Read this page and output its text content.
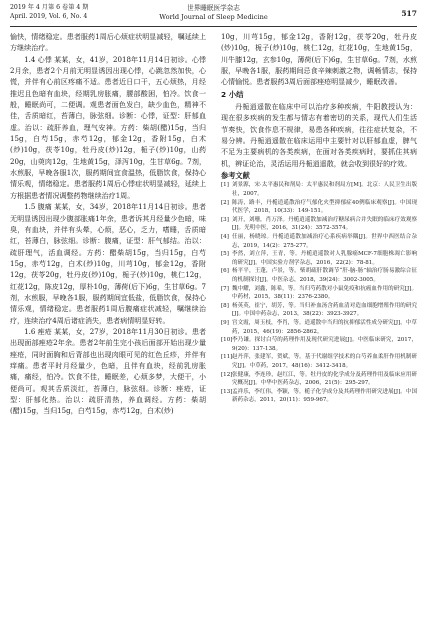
2019 年 4 月第 6 卷第 4 期
April. 2019, Vol. 6, No. 4
世界睡眠医学杂志
World Journal of Sleep Medicine	517

愉快，情绪稳定。患者服药1周后心烦症状明显减轻，嘱延续上方继续治疗。

1.4 心悸 某某，女，41岁，2018年11月14日初诊。心悸2月余，患者2个月前无明显诱因出现心悸，心跳忽然加快，心慌，并伴有心前区疼痛不适。患者近日口干，五心烦热，月经推迟且色暗有血块，经期乳房胀痛，腰部酸困，怕冷。饮食一般，睡眠尚可，二便调。观患者面色发白，缺少血色，精神不佳，舌质暗红，苔薄白，脉弦细。诊断：心悸，证型：肝郁血虚。治以：疏肝养血，理气安神。方药：柴胡(醋)15g，当归15g，白芍15g，赤芍12g，郁金12g，香附15g，白术(炒)10g，茯苓10g，牡丹皮(炒)12g，栀子(炒)10g，山药20g，山萸肉12g，生地黄15g，泽泻10g，生甘草6g。7剂，水煎服，早晚各服1次，服药期间宜食温热，低脂饮食，保持心情乐观，情绪稳定。患者服药1周后心悸症状明显减轻，延续上方根据患者情况调整药物继续治疗1周。

1.5 腹痛 某某，女，34岁，2018年11月14日初诊。患者无明显诱因出现少腹部胀痛1年余，患者诉其月经量少色暗，味臭，有血块，并伴有头晕，心烦，恶心，乏力，嗜睡，舌质暗红，苔薄白，脉弦细。诊断：腹痛，证型：肝气郁结。治以：疏肝理气，活血调经。方药：醋柴胡15g，当归15g，白芍15g，赤芍12g，白术(炒)10g，川芎10g，郁金12g，香附12g，茯苓20g，牡丹皮(炒)10g，栀子(炒)10g，桃仁12g，红花12g，陈皮12g，厚朴10g，薄荷(后下)6g，生甘草6g。7剂，水煎服，早晚各1服，服药期间宜低盐，低脂饮食，保持心情乐观，情绪稳定。患者服药1周后腹痛症状减轻，嘱继续治疗，连续治疗4周后诸症消失，患者病情明显好转。

1.6 痤疮 某某，女，27岁，2018年11月30日初诊。患者出现面部痤疮2年余。患者2年前生完小孩后面部开始出现少量痤疮，同时面胸和后背部也出现肉眼可见的红色丘疹，并伴有痒痛。患者平时月经量少，色暗，且伴有血块，经前乳房胀痛，痛经，怕冷。饮食不佳，睡眠差，心烦多梦，大便干，小便尚可。观其舌质淡红，苔薄白，脉弦细。诊断：痤疮，证型：肝郁化热。治以：疏肝清热，养血调经。方药：柴胡(醋)15g，当归15g，白芍15g，赤芍12g，白术(炒)

10g，川芎15g，郁金12g，香附12g，茯苓20g，牡丹皮(炒)10g，栀子(炒)10g，桃仁12g，红花10g，生地黄15g，川牛膝12g，玄参10g，薄荷(后下)6g，生甘草6g。7剂，水煎服，早晚各1服，服药期间忌食辛辣刺激之物，调畅情志，保持心情愉悦。患者服药3周后面部痤疮明显减少，睡眠改善。

2 小结

丹栀逍遥散在临床中可以治疗多种疾病，牛阳教授认为：现在很多疾病的发生都与情志有着密切的关系，现代人们生活节奏快，饮食作息不规律，易患各种疾病，往往症状复杂，不易分辨。丹栀逍遥散在临床运用中主要针对以肝郁血虚，脾气不足为主要病机的各类疾病，在面对各类疾病时，要抓住其病机，辨证论治，灵活运用丹栀逍遥散，就会收到很好的疗效。

参考文献
[1] 刘景源，宋·太平惠民和剂局：太平惠民和剂局方[M]。北京：人民卫生出版社，2007。
[2] 陈涛，路丰，丹栀逍遥散治疗气郁化火型抑郁症40例临床观察[J]。中国现代医学，2018，10(33)：149-151。
[3] 刘开，刘珊，肖万泽。丹栀逍遥散加减治疗糖尿病合并失眠的临床疗效观察[J]。光明中医，2016，31(24)：3572-3574。
[4] 任丽，杨晓琼。丹栀逍遥散加减治疗心系疾病举隅[J]。世界中西医结合杂志，2019，14(2)：275-277。
[5] 李然，刘立萍，王青，等。丹栀逍遥散对人乳腺癌MCF-7细胞株凋亡影响的研究[J]。中国实验方剂学杂志，2016，22(2)：78-81。
[6] 杨平平，王蓬，卢景，等。柴胡疏肝散调节“肝-脑-肠”轴治疗肠易激综合征的机制探讨[J]。中医杂志，2018，39(24)：3002-3005。
[7] 魏中耀，刘鑫，陈希，等。当归芍药散对小鼠免疫和抗癌血作用的研究[J]。中药材，2015，38(11)：2376-2380。
[8] 杨英英，崔宁，胡芳，等。当归补血汤含药血清对造血细胞增殖作用的研究[J]。中国中药杂志，2013，38(22)：3923-3927。
[9] 宫文霞，周玉枝，李肖，等。逍遥散中当归的抗抑郁活性成分研究[J]。中草药，2015，46(19)：2856-2862。
[10] 李乃谦。探讨白芍的药理作用及现代研究进展[J]。中医临床研究，2017，9(20)：137-138。
[11] 赵丹萍，张建军，贺斌，等。基于代谢组学技术的白芍养血柔肝作用机制研究[J]。中草药，2017，48(16)：3412-3418。
[12] 张健康，李连珍，赵红江，等。牡丹皮的化学成分及药理作用及临床应用研究概况[J]。中华中医药杂志，2006，21(5)：295-297。
[13] 孟祥乐，李红伟，李颖，等。栀子化学成分及其药理作用研究进展[J]。中国新药杂志，2011，20(11)：959-967。
